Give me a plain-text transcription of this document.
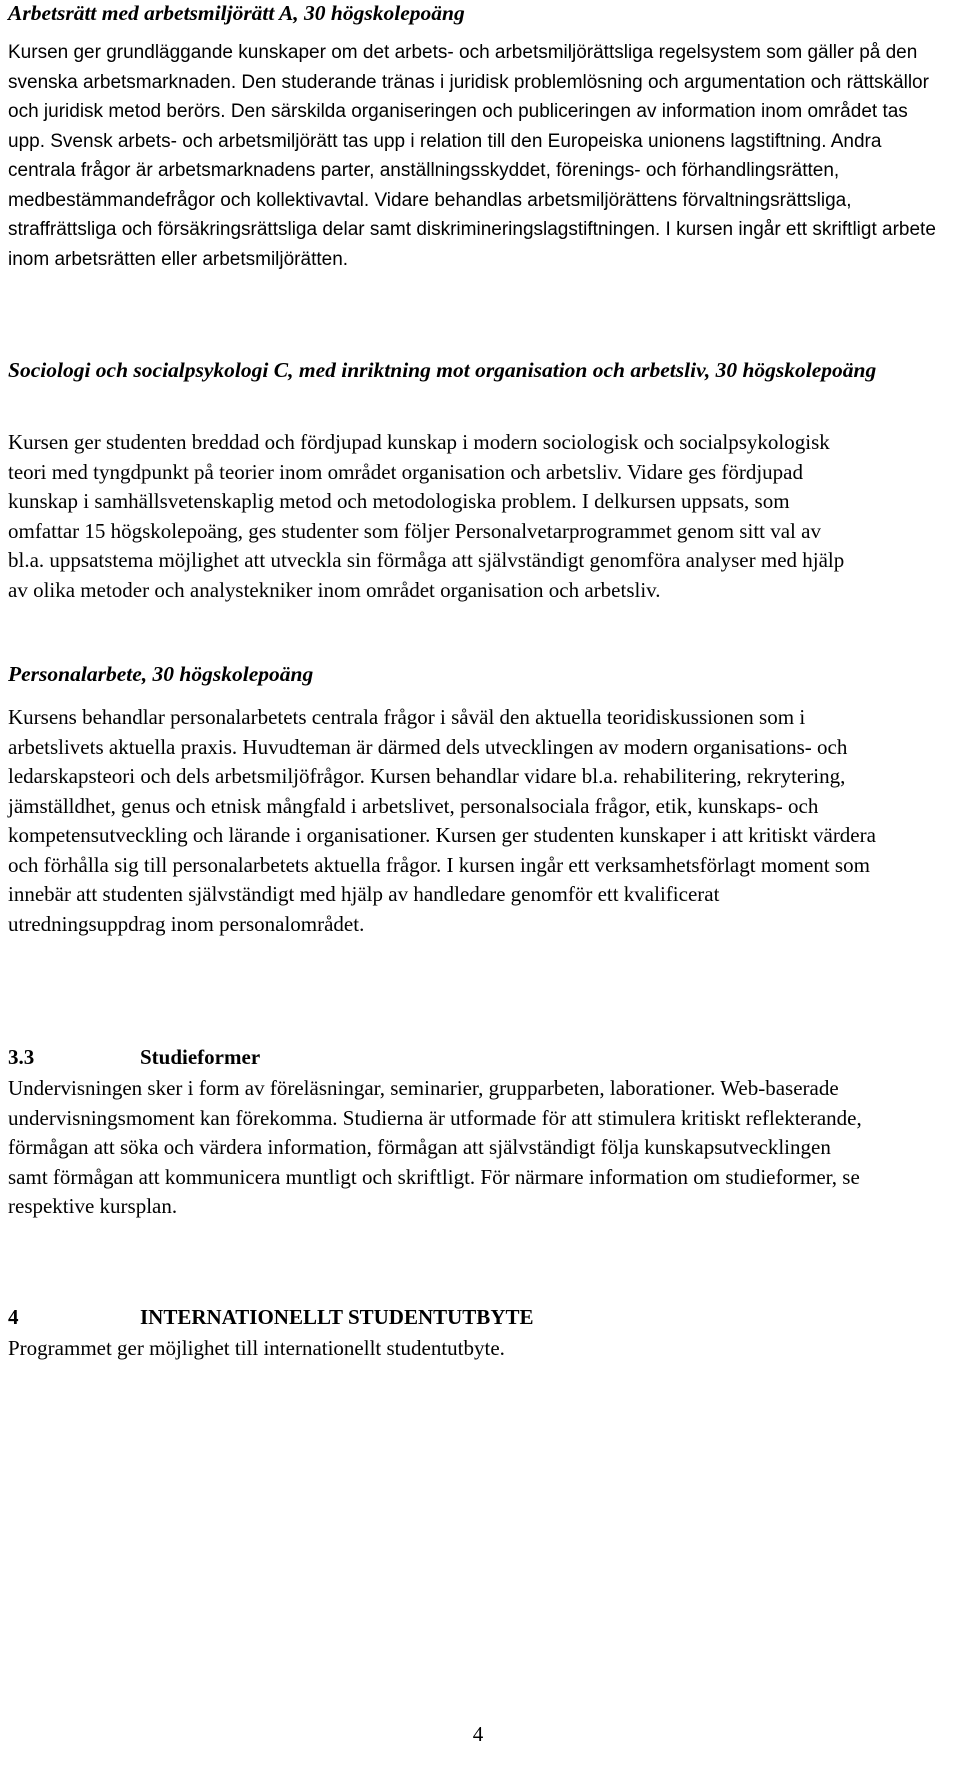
Arbetsrätt med arbetsmiljörätt A, 30 högskolepoäng

Kursen ger grundläggande kunskaper om det arbets- och arbetsmiljörättsliga regelsystem som gäller på den svenska arbetsmarknaden. Den studerande tränas i juridisk problemlösning och argumentation och rättskällor och juridisk metod berörs. Den särskilda organiseringen och publiceringen av information inom området tas upp. Svensk arbets- och arbetsmiljörätt tas upp i relation till den Europeiska unionens lagstiftning. Andra centrala frågor är arbetsmarknadens parter, anställningsskyddet, förenings- och förhandlingsrätten, medbestämmandefrågor och kollektivavtal. Vidare behandlas arbetsmiljörättens förvaltningsrättsliga, straffrättsliga och försäkringsrättsliga delar samt diskrimineringslagstiftningen. I kursen ingår ett skriftligt arbete inom arbetsrätten eller arbetsmiljörätten.

Sociologi och socialpsykologi C, med inriktning mot organisation och arbetsliv, 30 högskolepoäng

Kursen ger studenten breddad och fördjupad kunskap i modern sociologisk och socialpsykologisk teori med tyngdpunkt på teorier inom området organisation och arbetsliv. Vidare ges fördjupad kunskap i samhällsvetenskaplig metod och metodologiska problem. I delkursen uppsats, som omfattar 15 högskolepoäng, ges studenter som följer Personalvetarprogrammet genom sitt val av bl.a. uppsatstema möjlighet att utveckla sin förmåga att självständigt genomföra analyser med hjälp av olika metoder och analystekniker inom området organisation och arbetsliv.

Personalarbete, 30 högskolepoäng

Kursens behandlar personalarbetets centrala frågor i såväl den aktuella teoridiskussionen som i arbetslivets aktuella praxis. Huvudteman är därmed dels utvecklingen av modern organisations- och ledarskapsteori och dels arbetsmiljöfrågor. Kursen behandlar vidare bl.a. rehabilitering, rekrytering, jämställdhet, genus och etnisk mångfald i arbetslivet, personalsociala frågor, etik, kunskaps- och kompetensutveckling och lärande i organisationer. Kursen ger studenten kunskaper i att kritiskt värdera och förhålla sig till personalarbetets aktuella frågor. I kursen ingår ett verksamhetsförlagt moment som innebär att studenten självständigt med hjälp av handledare genomför ett kvalificerat utredningsuppdrag inom personalområdet.

3.3	Studieformer

Undervisningen sker i form av föreläsningar, seminarier, grupparbeten, laborationer. Web-baserade undervisningsmoment kan förekomma. Studierna är utformade för att stimulera kritiskt reflekterande, förmågan att söka och värdera information, förmågan att självständigt följa kunskapsutvecklingen samt förmågan att kommunicera muntligt och skriftligt. För närmare information om studieformer, se respektive kursplan.

4	INTERNATIONELLT STUDENTUTBYTE

Programmet ger möjlighet till internationellt studentutbyte.

4
